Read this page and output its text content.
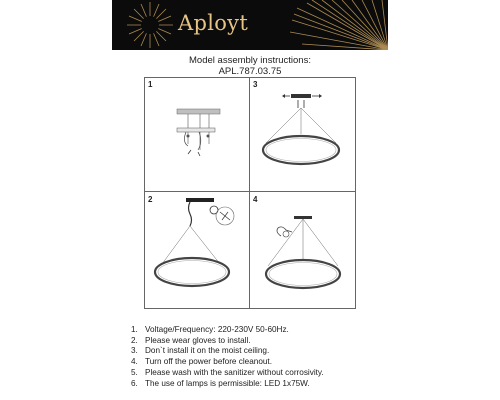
Aployt
Model assembly instructions:
APL.787.03.75
1	3
2	4
1. Voltage/Frequency: 220-230V 50-60Hz.
2. Please wear gloves to install.
3. Don`t install it on the moist ceiling.
4. Turn off the power before cleanout.
5. Please wash with the sanitizer without corrosivity.
6. The use of lamps is permissible: LED 1x75W.
